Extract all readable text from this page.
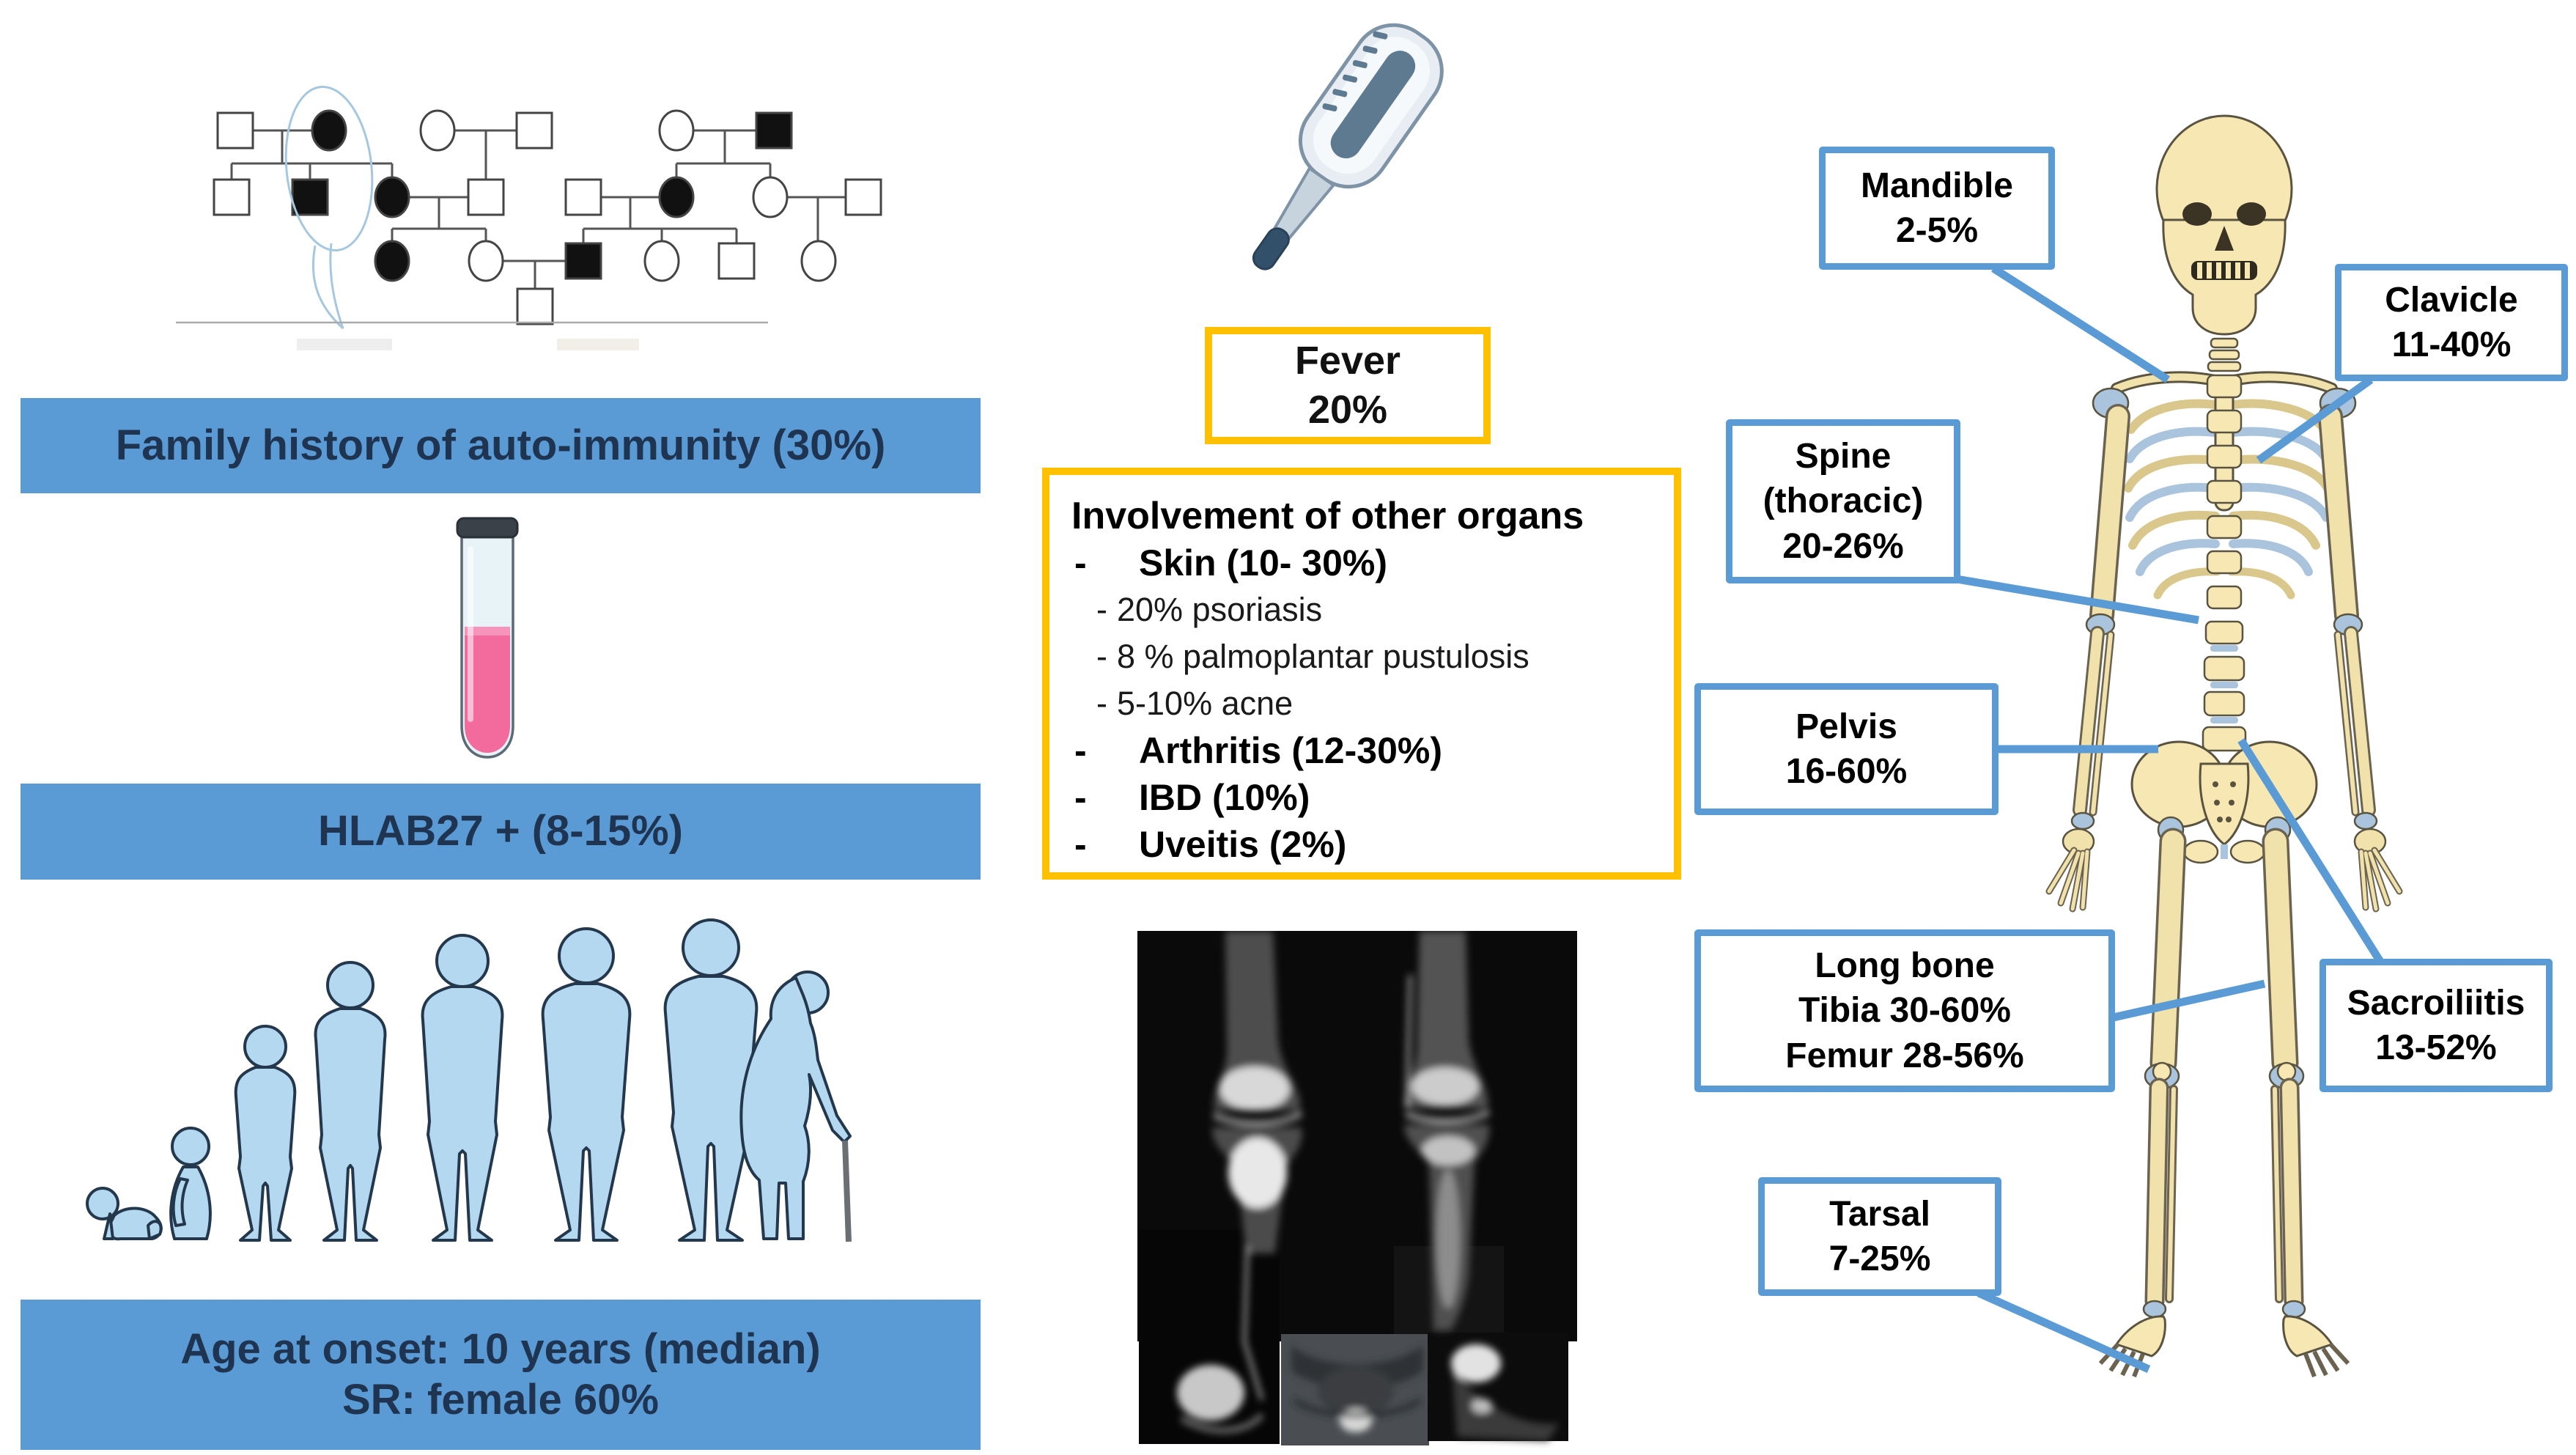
Family history of auto-immunity (30%)
HLAB27 + (8-15%)
Age at onset: 10 years (median)
SR: female 60%
Fever
20%
Involvement of other organs
- Skin (10- 30%)
- 20% psoriasis
- 8 % palmoplantar pustulosis
- 5-10% acne
- Arthritis (12-30%)
- IBD (10%)
- Uveitis (2%)
Mandible
2-5%
Clavicle
11-40%
Spine
(thoracic)
20-26%
Pelvis
16-60%
Long bone
Tibia 30-60%
Femur 28-56%
Sacroiliitis
13-52%
Tarsal
7-25%
